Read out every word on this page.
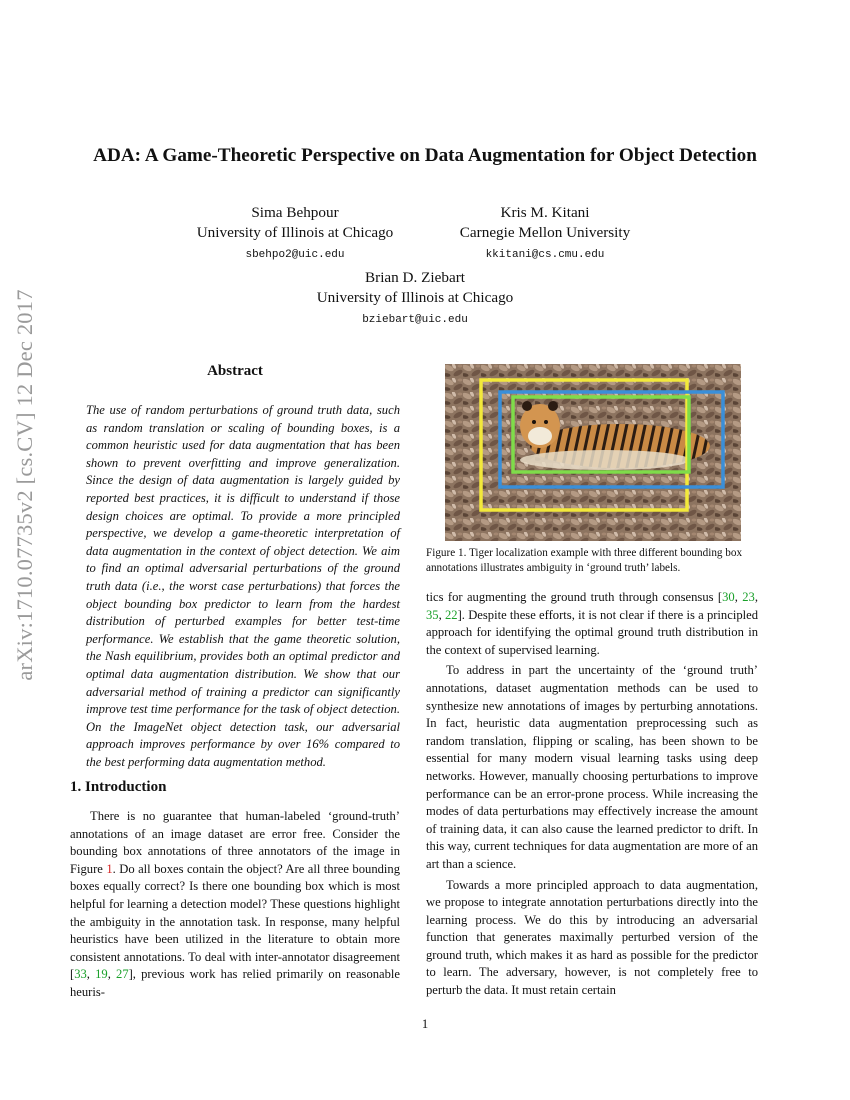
arXiv:1710.07735v2 [cs.CV] 12 Dec 2017
ADA: A Game-Theoretic Perspective on Data Augmentation for Object Detection
Sima Behpour
University of Illinois at Chicago
sbehpo2@uic.edu
Kris M. Kitani
Carnegie Mellon University
kkitani@cs.cmu.edu
Brian D. Ziebart
University of Illinois at Chicago
bziebart@uic.edu
Abstract

The use of random perturbations of ground truth data, such as random translation or scaling of bounding boxes, is a common heuristic used for data augmentation that has been shown to prevent overfitting and improve generalization. Since the design of data augmentation is largely guided by reported best practices, it is difficult to understand if those design choices are optimal. To provide a more principled perspective, we develop a game-theoretic interpretation of data augmentation in the context of object detection. We aim to find an optimal adversarial perturbations of the ground truth data (i.e., the worst case perturbations) that forces the object bounding box predictor to learn from the hardest distribution of perturbed examples for better test-time performance. We establish that the game theoretic solution, the Nash equilibrium, provides both an optimal predictor and optimal data augmentation distribution. We show that our adversarial method of training a predictor can significantly improve test time performance for the task of object detection. On the ImageNet object detection task, our adversarial approach improves performance by over 16% compared to the best performing data augmentation method.

1. Introduction

There is no guarantee that human-labeled ‘ground-truth’ annotations of an image dataset are error free. Consider the bounding box annotations of three annotators of the image in Figure 1. Do all boxes contain the object? Are all three bounding boxes equally correct? Is there one bounding box which is most helpful for learning a detection model? These questions highlight the ambiguity in the annotation task. In response, many helpful heuristics have been utilized in the literature to obtain more consistent annotations. To deal with inter-annotator disagreement [33, 19, 27], previous work has relied primarily on reasonable heuris-

Figure 1. Tiger localization example with three different bounding box annotations illustrates ambiguity in ‘ground truth’ labels.

tics for augmenting the ground truth through consensus [30, 23, 35, 22]. Despite these efforts, it is not clear if there is a principled approach for identifying the optimal ground truth distribution in the context of supervised learning.

To address in part the uncertainty of the ‘ground truth’ annotations, dataset augmentation methods can be used to synthesize new annotations of images by perturbing annotations. In fact, heuristic data augmentation preprocessing such as random translation, flipping or scaling, has been shown to be essential for many modern visual learning tasks using deep networks. However, manually choosing perturbations to improve performance can be an error-prone process. While increasing the modes of data perturbations may effectively increase the amount of training data, it can also cause the learned predictor to drift. In this way, current techniques for data augmentation are more of an art than a science.

Towards a more principled approach to data augmentation, we propose to integrate annotation perturbations directly into the learning process. We do this by introducing an adversarial function that generates maximally perturbed version of the ground truth, which makes it as hard as possible for the predictor to learn. The adversary, however, is not completely free to perturb the data. It must retain certain

1
